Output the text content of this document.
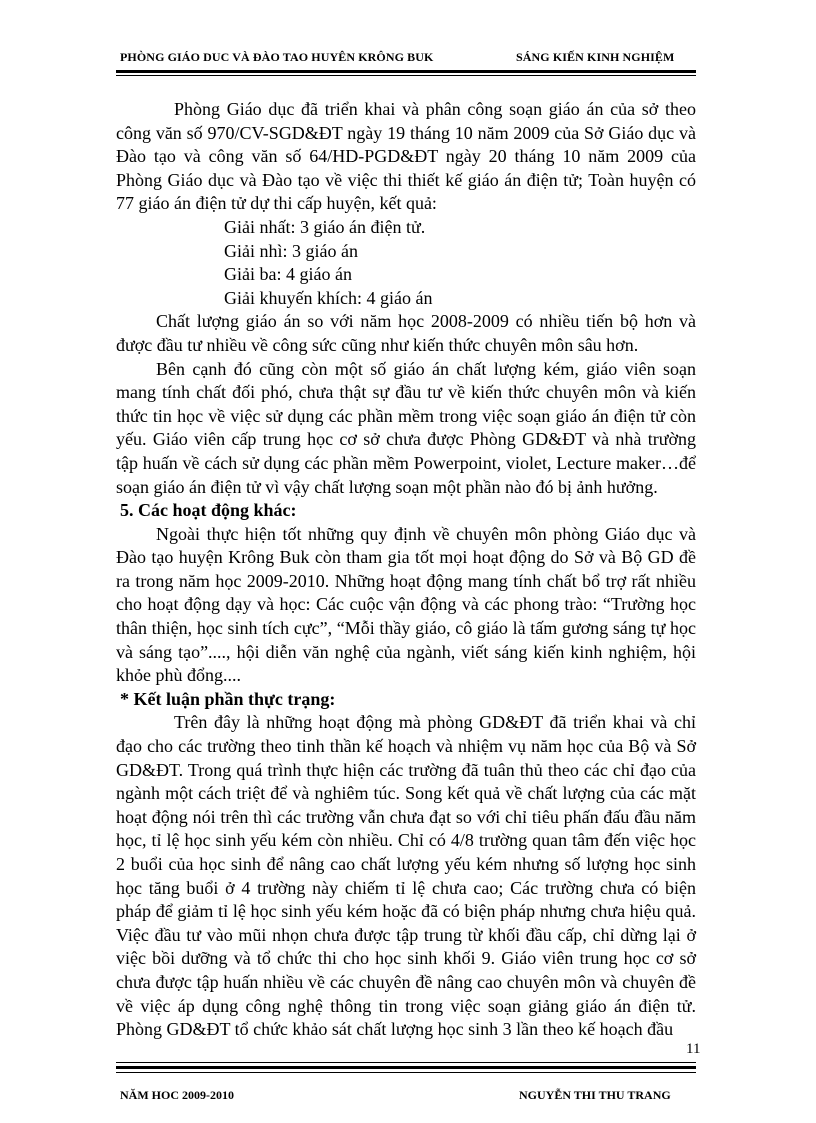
PHÒNG GIÁO DUC VÀ ĐÀO TAO HUYÊN KRÔNG BUK	SÁNG KIẾN KINH NGHIỆM

Phòng Giáo dục đã triển khai và phân công soạn giáo án của sở theo công văn số 970/CV-SGD&ĐT ngày 19 tháng 10 năm 2009 của Sở Giáo dục và Đào tạo và công văn số 64/HD-PGD&ĐT ngày 20 tháng 10 năm 2009 của Phòng Giáo dục và Đào tạo về việc thi thiết kế giáo án điện tử; Toàn huyện có 77 giáo án điện tử dự thi cấp huyện, kết quả:

Giải nhất: 3 giáo án điện tử.

Giải nhì: 3 giáo án

Giải ba: 4 giáo án

Giải khuyến khích: 4 giáo án

Chất lượng giáo án so với năm học 2008-2009 có nhiều tiến bộ hơn và được đầu tư nhiều về công sức cũng như kiến thức chuyên môn sâu hơn.

Bên cạnh đó cũng còn một số giáo án chất lượng kém, giáo viên soạn mang tính chất đối phó, chưa thật sự đầu tư về kiến thức chuyên môn và kiến thức tin học về việc sử dụng các phần mềm trong việc soạn giáo án điện tử còn yếu. Giáo viên cấp trung học cơ sở chưa được Phòng GD&ĐT và nhà trường tập huấn về cách sử dụng các phần mềm Powerpoint, violet, Lecture maker…để soạn giáo án điện tử vì vậy chất lượng soạn một phần nào đó bị ảnh hưởng.

5. Các hoạt động khác:

Ngoài thực hiện tốt những quy định về chuyên môn phòng Giáo dục và Đào tạo huyện Krông Buk còn tham gia tốt mọi hoạt động do Sở và Bộ GD đề ra trong năm học 2009-2010. Những hoạt động mang tính chất bổ trợ rất nhiều cho hoạt động dạy và học: Các cuộc vận động và các phong trào: “Trường học thân thiện, học sinh tích cực”, “Mỗi thầy giáo, cô giáo là tấm gương sáng tự học và sáng tạo”...., hội diễn văn nghệ của ngành, viết sáng kiến kinh nghiệm, hội khỏe phù đổng....

* Kết luận phần thực trạng:

Trên đây là những hoạt động mà phòng GD&ĐT đã triển khai và chỉ đạo cho các trường theo tinh thần kế hoạch và nhiệm vụ năm học của Bộ và Sở GD&ĐT. Trong quá trình thực hiện các trường đã tuân thủ theo các chỉ đạo của ngành một cách triệt để và nghiêm túc. Song kết quả về chất lượng của các mặt hoạt động nói trên thì các trường vẫn chưa đạt so với chỉ tiêu phấn đấu đầu năm học, tỉ lệ học sinh yếu kém còn nhiều. Chỉ có 4/8 trường quan tâm đến việc học 2 buổi của học sinh để nâng cao chất lượng yếu kém nhưng số lượng học sinh học tăng buổi ở 4 trường này chiếm tỉ lệ chưa cao; Các trường chưa có biện pháp để giảm tỉ lệ học sinh yếu kém hoặc đã có biện pháp nhưng chưa hiệu quả. Việc đầu tư vào mũi nhọn chưa được tập trung từ khối đầu cấp, chỉ dừng lại ở việc bồi dưỡng và tổ chức thi cho học sinh khối 9. Giáo viên trung học cơ sở chưa được tập huấn nhiều về các chuyên đề nâng cao chuyên môn và chuyên đề về việc áp dụng công nghệ thông tin trong việc soạn giảng giáo án điện tử. Phòng GD&ĐT tổ chức khảo sát chất lượng học sinh 3 lần theo kế hoạch đầu

11
NĂM HOC 2009-2010	NGUYỄN THI THU TRANG
